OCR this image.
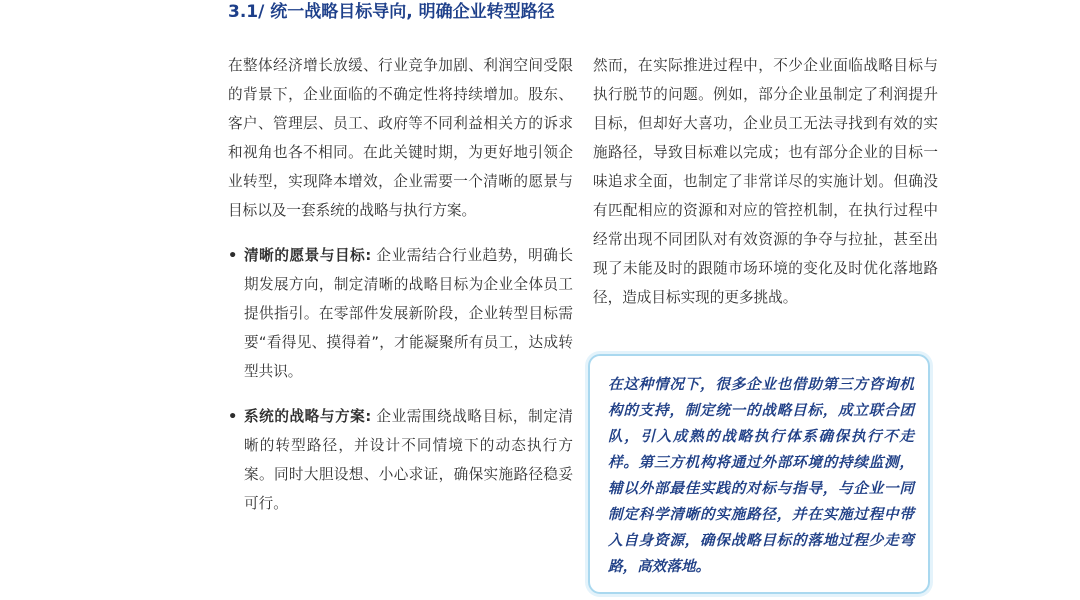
3.1/ 统一战略目标导向, 明确企业转型路径

在整体经济增长放缓、行业竞争加剧、利润空间受限的背景下，企业面临的不确定性将持续增加。股东、客户、管理层、员工、政府等不同利益相关方的诉求和视角也各不相同。在此关键时期，为更好地引领企业转型，实现降本增效，企业需要一个清晰的愿景与目标以及一套系统的战略与执行方案。

• 清晰的愿景与目标: 企业需结合行业趋势，明确长期发展方向，制定清晰的战略目标为企业全体员工提供指引。在零部件发展新阶段，企业转型目标需要“看得见、摸得着”，才能凝聚所有员工，达成转型共识。
• 系统的战略与方案: 企业需围绕战略目标，制定清晰的转型路径，并设计不同情境下的动态执行方案。同时大胆设想、小心求证，确保实施路径稳妥可行。

然而，在实际推进过程中，不少企业面临战略目标与执行脱节的问题。例如，部分企业虽制定了利润提升目标，但却好大喜功，企业员工无法寻找到有效的实施路径，导致目标难以完成；也有部分企业的目标一味追求全面，也制定了非常详尽的实施计划。但确没有匹配相应的资源和对应的管控机制，在执行过程中经常出现不同团队对有效资源的争夺与拉扯，甚至出现了未能及时的跟随市场环境的变化及时优化落地路径，造成目标实现的更多挑战。

在这种情况下，很多企业也借助第三方咨询机构的支持，制定统一的战略目标，成立联合团队，引入成熟的战略执行体系确保执行不走样。第三方机构将通过外部环境的持续监测，辅以外部最佳实践的对标与指导，与企业一同制定科学清晰的实施路径，并在实施过程中带入自身资源，确保战略目标的落地过程少走弯路，高效落地。
